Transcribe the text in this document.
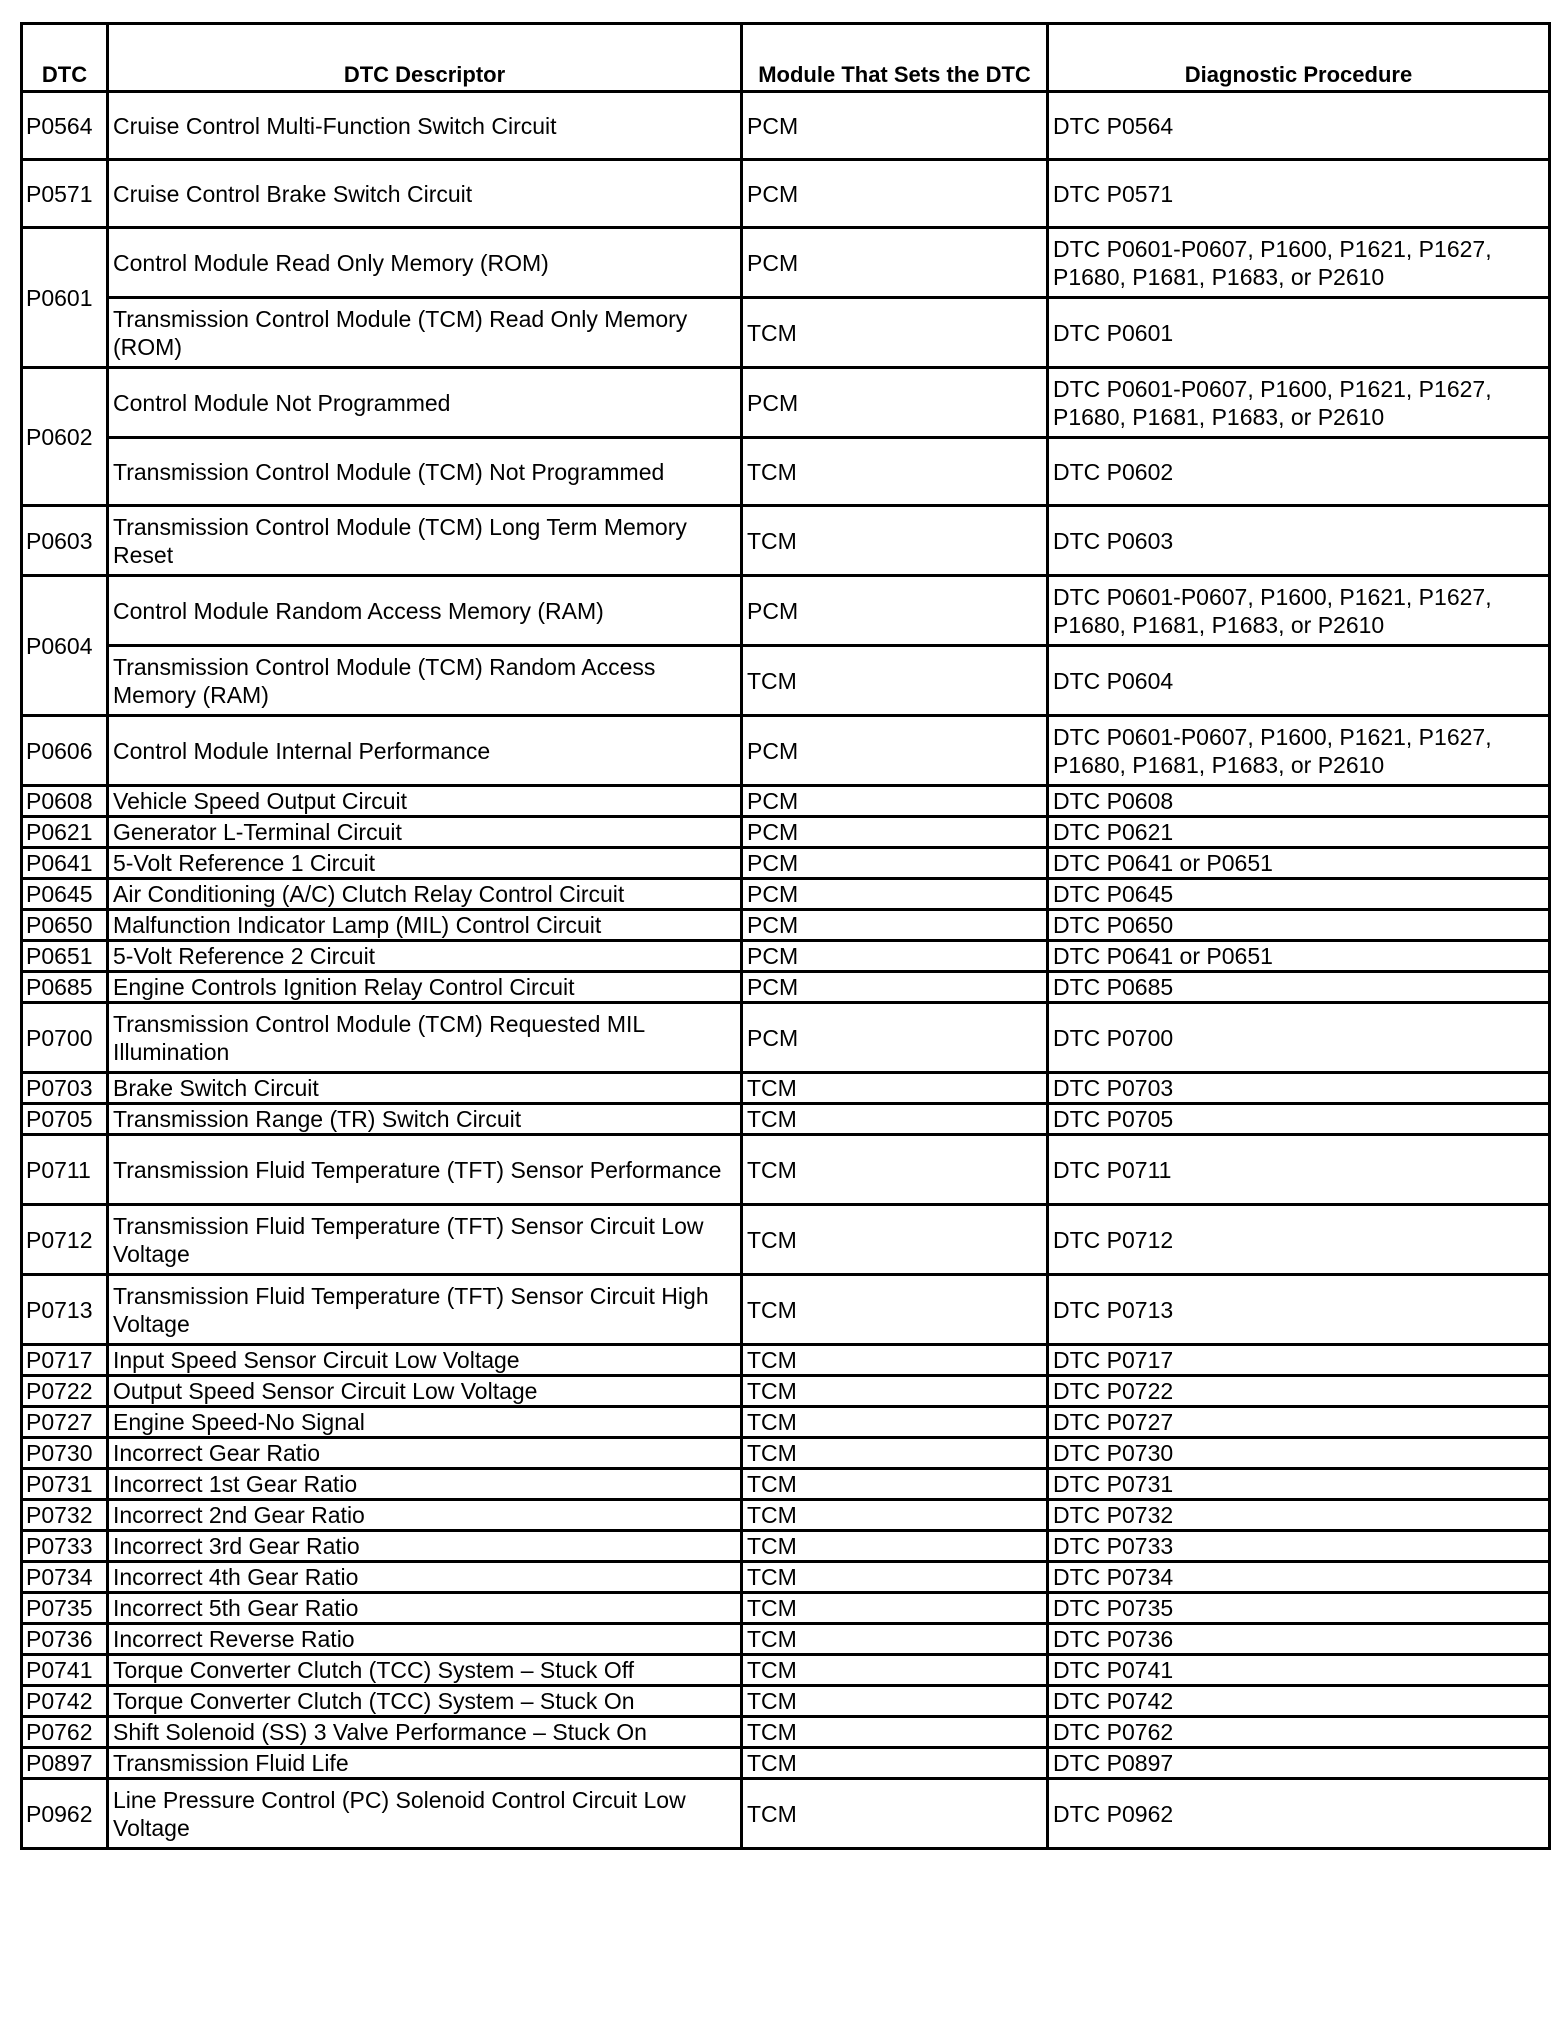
DTC	DTC Descriptor	Module That Sets the DTC	Diagnostic Procedure
P0564	Cruise Control Multi-Function Switch Circuit	PCM	DTC P0564
P0571	Cruise Control Brake Switch Circuit	PCM	DTC P0571
P0601	Control Module Read Only Memory (ROM)	PCM	DTC P0601-P0607, P1600, P1621, P1627, P1680, P1681, P1683, or P2610
	Transmission Control Module (TCM) Read Only Memory (ROM)	TCM	DTC P0601
P0602	Control Module Not Programmed	PCM	DTC P0601-P0607, P1600, P1621, P1627, P1680, P1681, P1683, or P2610
	Transmission Control Module (TCM) Not Programmed	TCM	DTC P0602
P0603	Transmission Control Module (TCM) Long Term Memory Reset	TCM	DTC P0603
P0604	Control Module Random Access Memory (RAM)	PCM	DTC P0601-P0607, P1600, P1621, P1627, P1680, P1681, P1683, or P2610
	Transmission Control Module (TCM) Random Access Memory (RAM)	TCM	DTC P0604
P0606	Control Module Internal Performance	PCM	DTC P0601-P0607, P1600, P1621, P1627, P1680, P1681, P1683, or P2610
P0608	Vehicle Speed Output Circuit	PCM	DTC P0608
P0621	Generator L-Terminal Circuit	PCM	DTC P0621
P0641	5-Volt Reference 1 Circuit	PCM	DTC P0641 or P0651
P0645	Air Conditioning (A/C) Clutch Relay Control Circuit	PCM	DTC P0645
P0650	Malfunction Indicator Lamp (MIL) Control Circuit	PCM	DTC P0650
P0651	5-Volt Reference 2 Circuit	PCM	DTC P0641 or P0651
P0685	Engine Controls Ignition Relay Control Circuit	PCM	DTC P0685
P0700	Transmission Control Module (TCM) Requested MIL Illumination	PCM	DTC P0700
P0703	Brake Switch Circuit	TCM	DTC P0703
P0705	Transmission Range (TR) Switch Circuit	TCM	DTC P0705
P0711	Transmission Fluid Temperature (TFT) Sensor Performance	TCM	DTC P0711
P0712	Transmission Fluid Temperature (TFT) Sensor Circuit Low Voltage	TCM	DTC P0712
P0713	Transmission Fluid Temperature (TFT) Sensor Circuit High Voltage	TCM	DTC P0713
P0717	Input Speed Sensor Circuit Low Voltage	TCM	DTC P0717
P0722	Output Speed Sensor Circuit Low Voltage	TCM	DTC P0722
P0727	Engine Speed-No Signal	TCM	DTC P0727
P0730	Incorrect Gear Ratio	TCM	DTC P0730
P0731	Incorrect 1st Gear Ratio	TCM	DTC P0731
P0732	Incorrect 2nd Gear Ratio	TCM	DTC P0732
P0733	Incorrect 3rd Gear Ratio	TCM	DTC P0733
P0734	Incorrect 4th Gear Ratio	TCM	DTC P0734
P0735	Incorrect 5th Gear Ratio	TCM	DTC P0735
P0736	Incorrect Reverse Ratio	TCM	DTC P0736
P0741	Torque Converter Clutch (TCC) System – Stuck Off	TCM	DTC P0741
P0742	Torque Converter Clutch (TCC) System – Stuck On	TCM	DTC P0742
P0762	Shift Solenoid (SS) 3 Valve Performance – Stuck On	TCM	DTC P0762
P0897	Transmission Fluid Life	TCM	DTC P0897
P0962	Line Pressure Control (PC) Solenoid Control Circuit Low Voltage	TCM	DTC P0962
